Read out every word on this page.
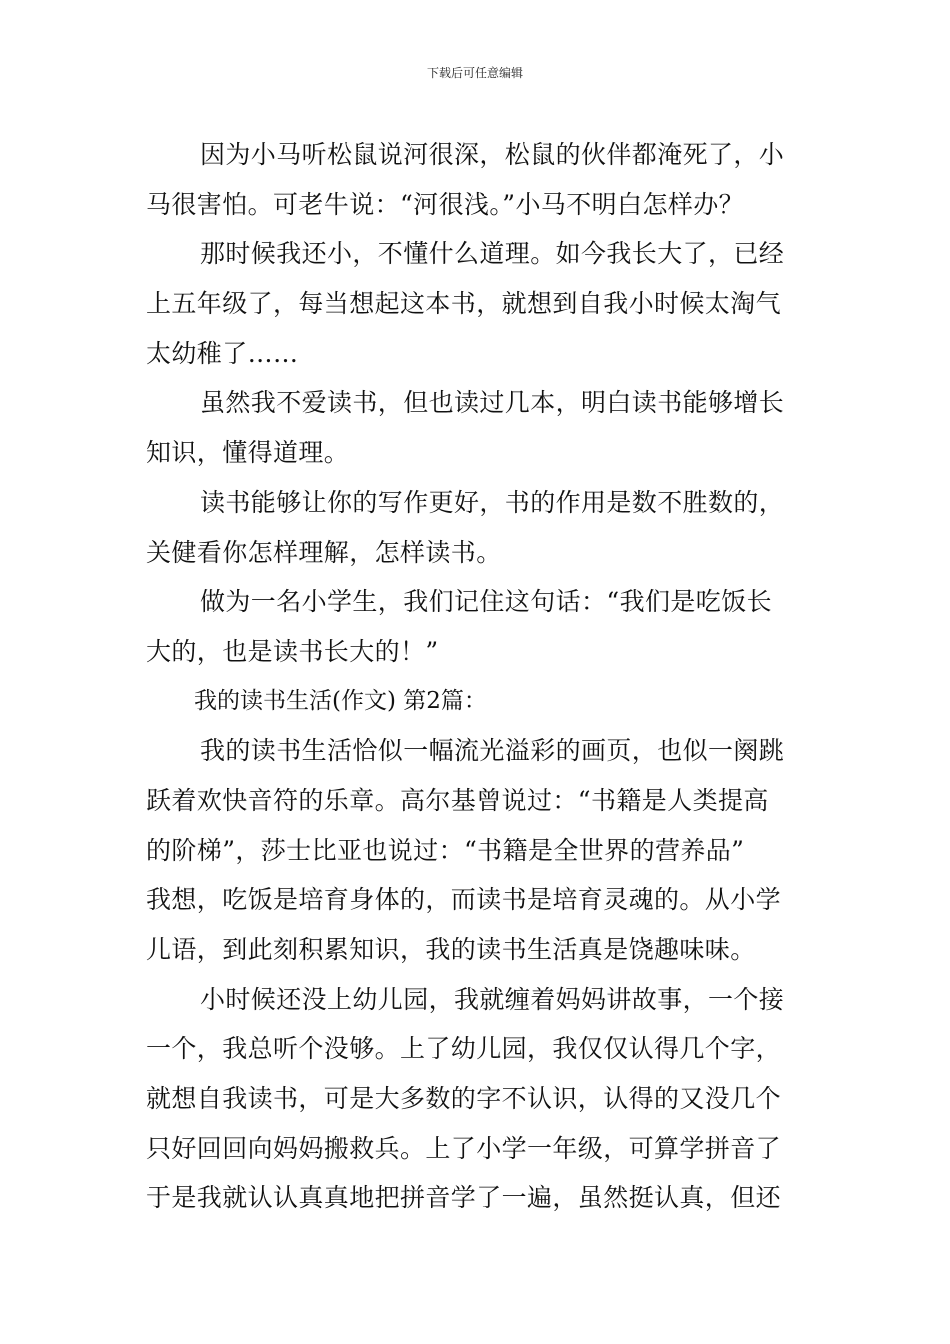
下载后可任意编辑
因为小马听松鼠说河很深，松鼠的伙伴都淹死了，小
马很害怕。可老牛说：“河很浅。”小马不明白怎样办？
那时候我还小，不懂什么道理。如今我长大了，已经
上五年级了，每当想起这本书，就想到自我小时候太淘气
太幼稚了……
虽然我不爱读书，但也读过几本，明白读书能够增长
知识，懂得道理。
读书能够让你的写作更好，书的作用是数不胜数的，
关健看你怎样理解，怎样读书。
做为一名小学生，我们记住这句话：“我们是吃饭长
大的，也是读书长大的！”
我的读书生活(作文) 第2篇：
我的读书生活恰似一幅流光溢彩的画页，也似一阕跳
跃着欢快音符的乐章。高尔基曾说过：“书籍是人类提高
的阶梯”，莎士比亚也说过：“书籍是全世界的营养品”
我想，吃饭是培育身体的，而读书是培育灵魂的。从小学
儿语，到此刻积累知识，我的读书生活真是饶趣味味。
小时候还没上幼儿园，我就缠着妈妈讲故事，一个接
一个，我总听个没够。上了幼儿园，我仅仅认得几个字，
就想自我读书，可是大多数的字不认识，认得的又没几个
只好回回向妈妈搬救兵。上了小学一年级，可算学拼音了
于是我就认认真真地把拼音学了一遍，虽然挺认真，但还
